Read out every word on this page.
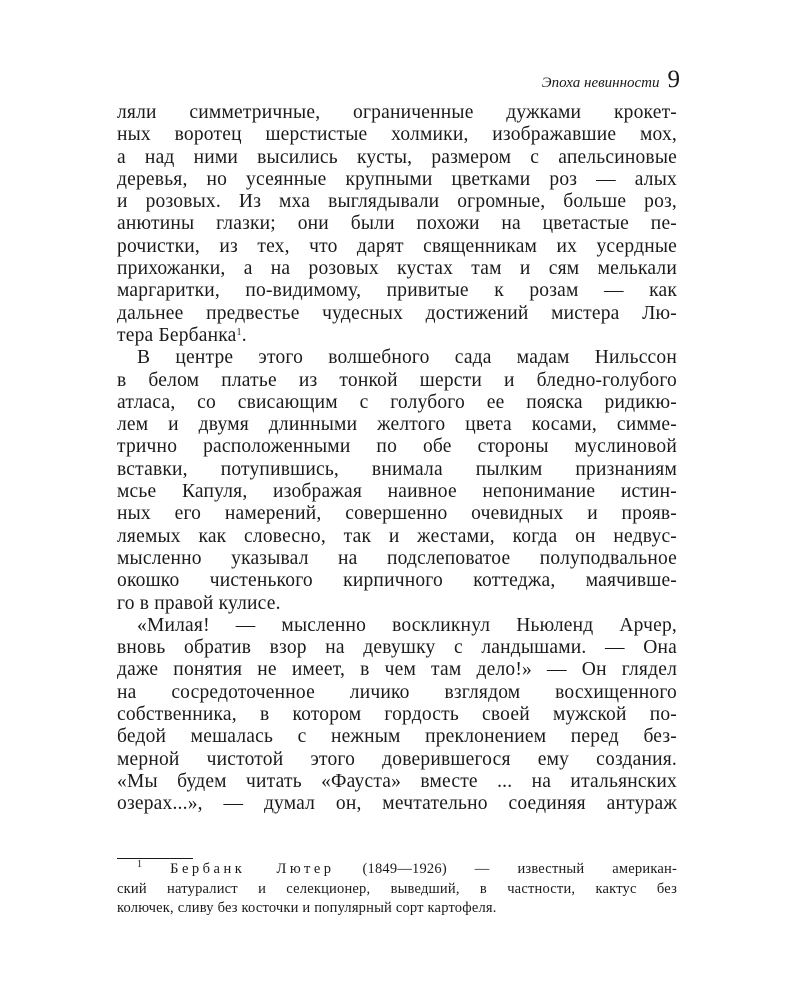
Эпоха невинности 9
ляли симметричные, ограниченные дужками крокет-
ных воротец шерстистые холмики, изображавшие мох,
а над ними высились кусты, размером с апельсиновые
деревья, но усеянные крупными цветками роз — алых
и розовых. Из мха выглядывали огромные, больше роз,
анютины глазки; они были похожи на цветастые пе-
рочистки, из тех, что дарят священникам их усердные
прихожанки, а на розовых кустах там и сям мелькали
маргаритки, по-видимому, привитые к розам — как
дальнее предвестье чудесных достижений мистера Лю-
тера Бербанка$^1$.
В центре этого волшебного сада мадам Нильссон
в белом платье из тонкой шерсти и бледно-голубого
атласа, со свисающим с голубого ее пояска ридикю-
лем и двумя длинными желтого цвета косами, симме-
трично расположенными по обе стороны муслиновой
вставки, потупившись, внимала пылким признаниям
мсье Капуля, изображая наивное непонимание истин-
ных его намерений, совершенно очевидных и прояв-
ляемых как словесно, так и жестами, когда он недвус-
мысленно указывал на подслеповатое полуподвальное
окошко чистенького кирпичного коттеджа, маячивше-
го в правой кулисе.
«Милая! — мысленно воскликнул Ньюленд Арчер,
вновь обратив взор на девушку с ландышами. — Она
даже понятия не имеет, в чем там дело!» — Он глядел
на сосредоточенное личико взглядом восхищенного
собственника, в котором гордость своей мужской по-
бедой мешалась с нежным преклонением перед без-
мерной чистотой этого доверившегося ему создания.
«Мы будем читать «Фауста» вместе ... на итальянских
озерах...», — думал он, мечтательно соединяя антураж
$^1$ Бербанк Лютер (1849—1926) — известный американ-
ский натуралист и селекционер, выведший, в частности, кактус без
колючек, сливу без косточки и популярный сорт картофеля.
